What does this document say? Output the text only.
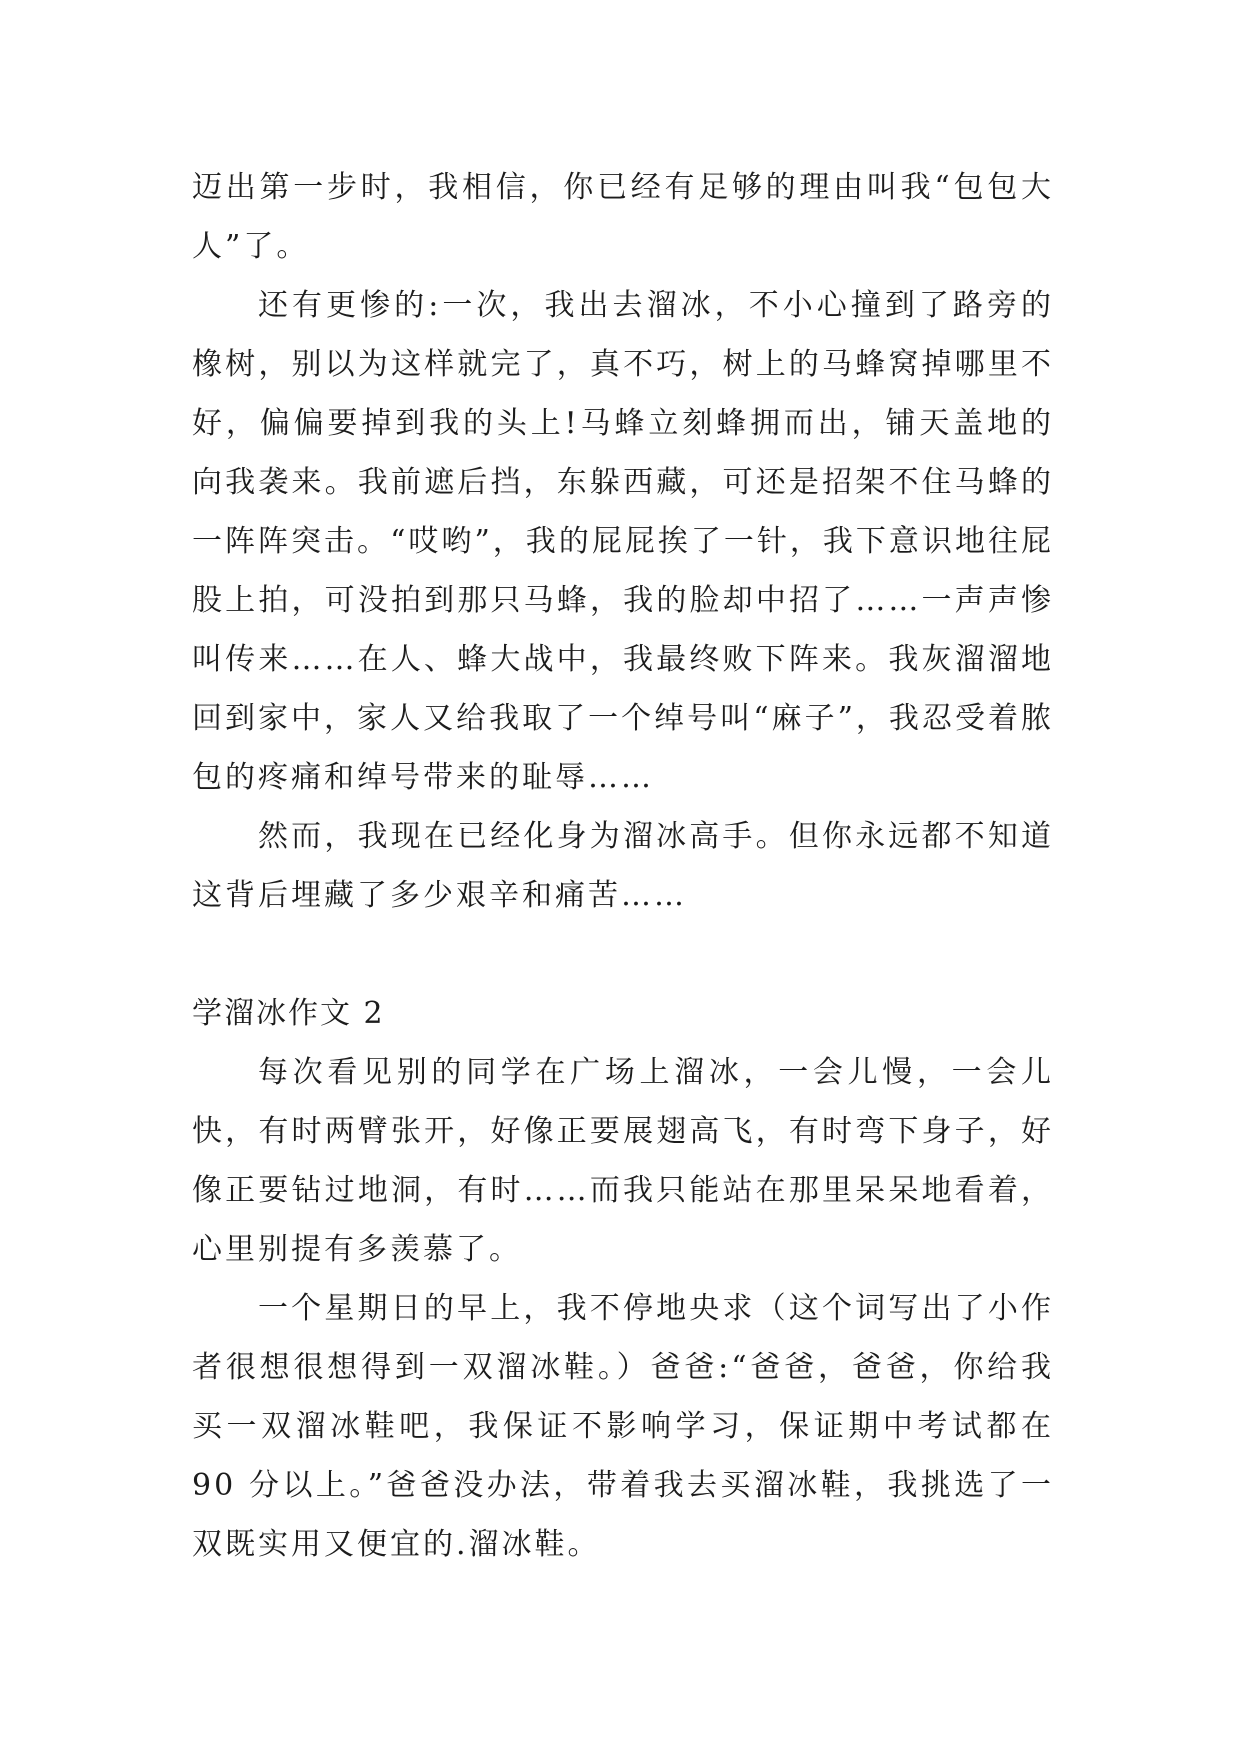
迈出第一步时，我相信，你已经有足够的理由叫我“包包大人”了。

还有更惨的:一次，我出去溜冰，不小心撞到了路旁的橡树，别以为这样就完了，真不巧，树上的马蜂窝掉哪里不好，偏偏要掉到我的头上!马蜂立刻蜂拥而出，铺天盖地的向我袭来。我前遮后挡，东躲西藏，可还是招架不住马蜂的一阵阵突击。“哎哟”，我的屁屁挨了一针，我下意识地往屁股上拍，可没拍到那只马蜂，我的脸却中招了……一声声惨叫传来……在人、蜂大战中，我最终败下阵来。我灰溜溜地回到家中，家人又给我取了一个绰号叫“麻子”，我忍受着脓包的疼痛和绰号带来的耻辱……

然而，我现在已经化身为溜冰高手。但你永远都不知道这背后埋藏了多少艰辛和痛苦……

学溜冰作文 2

每次看见别的同学在广场上溜冰，一会儿慢，一会儿快，有时两臂张开，好像正要展翅高飞，有时弯下身子，好像正要钻过地洞，有时……而我只能站在那里呆呆地看着，心里别提有多羡慕了。

一个星期日的早上，我不停地央求（这个词写出了小作者很想很想得到一双溜冰鞋。）爸爸:“爸爸，爸爸，你给我买一双溜冰鞋吧，我保证不影响学习，保证期中考试都在 90 分以上。”爸爸没办法，带着我去买溜冰鞋，我挑选了一双既实用又便宜的.溜冰鞋。
